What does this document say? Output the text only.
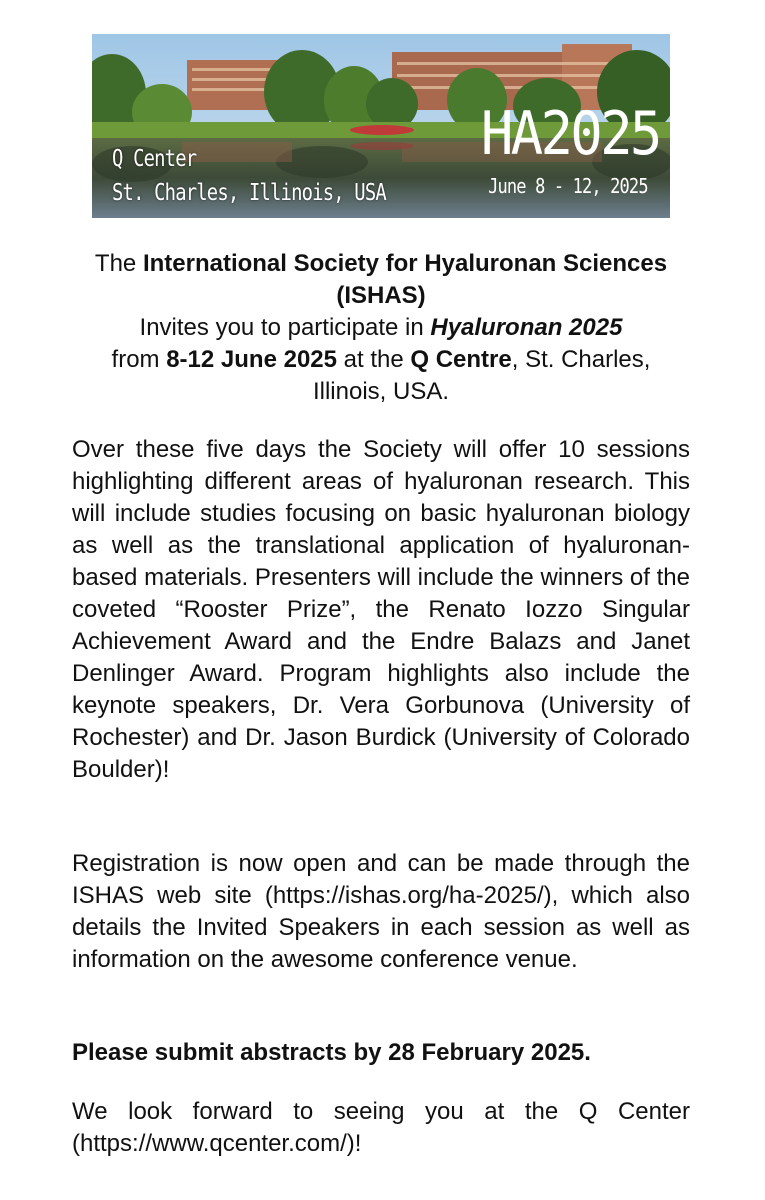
Q Center
St. Charles, Illinois, USA
HA2025
June 8 - 12, 2025
The International Society for Hyaluronan Sciences (ISHAS)
Invites you to participate in Hyaluronan 2025
from 8-12 June 2025 at the Q Centre, St. Charles, Illinois, USA.

Over these five days the Society will offer 10 sessions highlighting different areas of hyaluronan research. This will include studies focusing on basic hyaluronan biology as well as the translational application of hyaluronan-based materials. Presenters will include the winners of the coveted “Rooster Prize”, the Renato Iozzo Singular Achievement Award and the Endre Balazs and Janet Denlinger Award. Program highlights also include the keynote speakers, Dr. Vera Gorbunova (University of Rochester) and Dr. Jason Burdick (University of Colorado Boulder)!

Registration is now open and can be made through the ISHAS web site (https://ishas.org/ha-2025/), which also details the Invited Speakers in each session as well as information on the awesome conference venue.

Please submit abstracts by 28 February 2025.

We look forward to seeing you at the Q Center (https://www.qcenter.com/)!
